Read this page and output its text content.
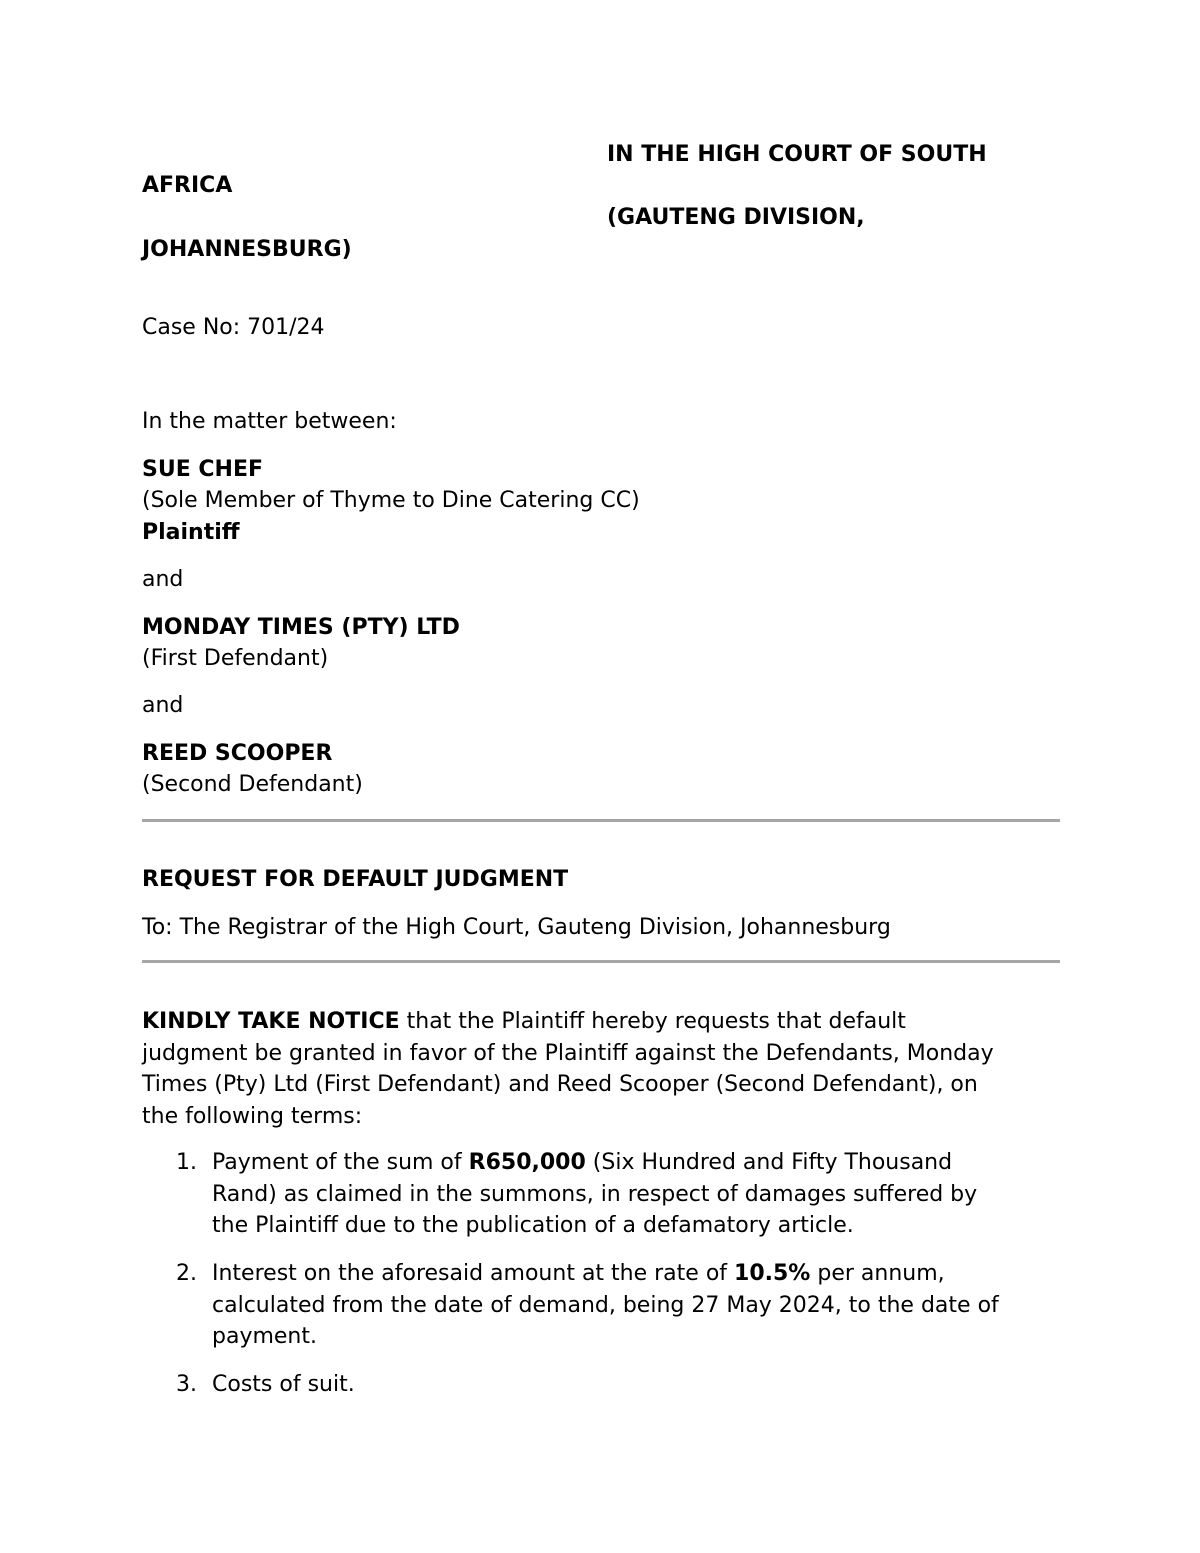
IN THE HIGH COURT OF SOUTH
AFRICA
(GAUTENG DIVISION,
JOHANNESBURG)
Case No: 701/24
In the matter between:
SUE CHEF
(Sole Member of Thyme to Dine Catering CC)
Plaintiff
and
MONDAY TIMES (PTY) LTD
(First Defendant)
and
REED SCOOPER
(Second Defendant)
REQUEST FOR DEFAULT JUDGMENT
To: The Registrar of the High Court, Gauteng Division, Johannesburg
KINDLY TAKE NOTICE that the Plaintiff hereby requests that default
judgment be granted in favor of the Plaintiff against the Defendants, Monday
Times (Pty) Ltd (First Defendant) and Reed Scooper (Second Defendant), on
the following terms:
1. Payment of the sum of R650,000 (Six Hundred and Fifty Thousand
Rand) as claimed in the summons, in respect of damages suffered by
the Plaintiff due to the publication of a defamatory article.
2. Interest on the aforesaid amount at the rate of 10.5% per annum,
calculated from the date of demand, being 27 May 2024, to the date of
payment.
3. Costs of suit.
